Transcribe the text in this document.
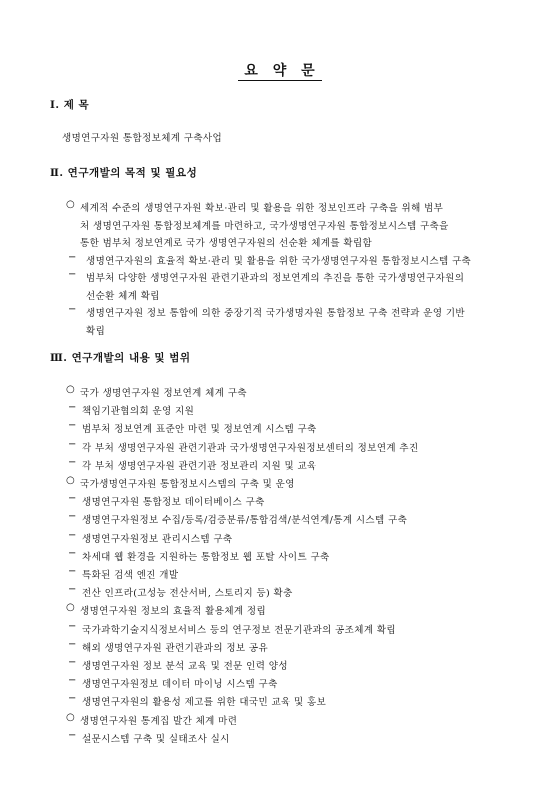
요 약 문
Ⅰ. 제 목
생명연구자원 통합정보체계 구축사업
Ⅱ. 연구개발의 목적 및 필요성
○ 세계적 수준의 생명연구자원 확보·관리 및 활용을 위한 정보인프라 구축을 위해 범부
처 생명연구자원 통합정보체계를 마련하고, 국가생명연구자원 통합정보시스템 구축을
통한 범부처 정보연계로 국가 생명연구자원의 선순환 체계를 확립함
− 생명연구자원의 효율적 확보·관리 및 활용을 위한 국가생명연구자원 통합정보시스템 구축
− 범부처 다양한 생명연구자원 관련기관과의 정보연계의 추진을 통한 국가생명연구자원의
선순환 체계 확립
− 생명연구자원 정보 통합에 의한 중장기적 국가생명자원 통합정보 구축 전략과 운영 기반
확립
Ⅲ. 연구개발의 내용 및 범위
○ 국가 생명연구자원 정보연계 체계 구축
− 책임기관협의회 운영 지원
− 범부처 정보연계 표준안 마련 및 정보연계 시스템 구축
− 각 부처 생명연구자원 관련기관과 국가생명연구자원정보센터의 정보연계 추진
− 각 부처 생명연구자원 관련기관 정보관리 지원 및 교육
○ 국가생명연구자원 통합정보시스템의 구축 및 운영
− 생명연구자원 통합정보 데이터베이스 구축
− 생명연구자원정보 수집/등록/검증분류/통합검색/분석연계/통계 시스템 구축
− 생명연구자원정보 관리시스템 구축
− 차세대 웹 환경을 지원하는 통합정보 웹 포탈 사이트 구축
− 특화된 검색 엔진 개발
− 전산 인프라(고성능 전산서버, 스토리지 등) 확충
○ 생명연구자원 정보의 효율적 활용체계 정립
− 국가과학기술지식정보서비스 등의 연구정보 전문기관과의 공조체계 확립
− 해외 생명연구자원 관련기관과의 정보 공유
− 생명연구자원 정보 분석 교육 및 전문 인력 양성
− 생명연구자원정보 데이터 마이닝 시스템 구축
− 생명연구자원의 활용성 제고를 위한 대국민 교육 및 홍보
○ 생명연구자원 통계집 발간 체계 마련
− 설문시스템 구축 및 실태조사 실시
